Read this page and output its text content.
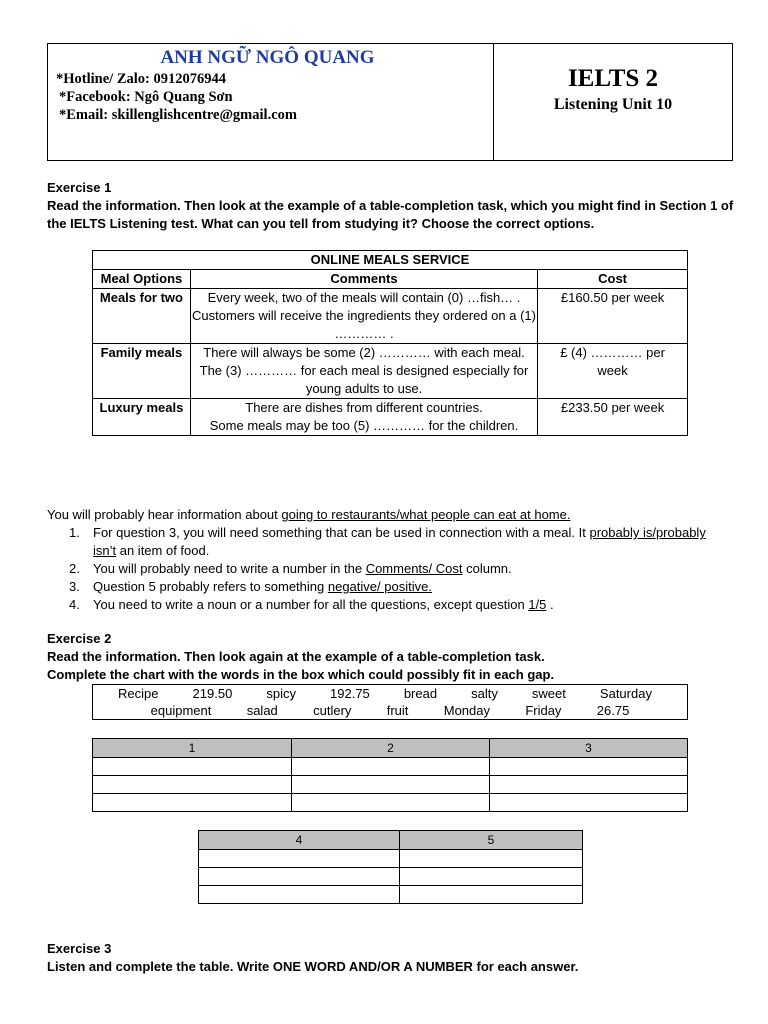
ANH NGỮ NGÔ QUANG
*Hotline/ Zalo: 0912076944
*Facebook: Ngô Quang Sơn
*Email: skillenglishcentre@gmail.com
IELTS 2
Listening Unit 10
Exercise 1
Read the information. Then look at the example of a table-completion task, which you might find in Section 1 of the IELTS Listening test. What can you tell from studying it? Choose the correct options.
ONLINE MEALS SERVICE		
Meal Options	Comments	Cost
Meals for two	Every week, two of the meals will contain (0) …fish… .
Customers will receive the ingredients they ordered on a (1) ………… .	£160.50 per week
Family meals	There will always be some (2) ………… with each meal.
The (3) ………… for each meal is designed especially for young adults to use.	£ (4) ………… per week
Luxury meals	There are dishes from different countries.
Some meals may be too (5) ………… for the children.	£233.50 per week
You will probably hear information about going to restaurants/what people can eat at home.
1.	For question 3, you will need something that can be used in connection with a meal. It probably is/probably isn’t an item of food.
2.	You will probably need to write a number in the Comments/ Cost column.
3.	Question 5 probably refers to something negative/ positive.
4.	You need to write a noun or a number for all the questions, except question 1/5 .
Exercise 2
Read the information. Then look again at the example of a table-completion task.
Complete the chart with the words in the box which could possibly fit in each gap.
Recipe	219.50	spicy	192.75	bread	salty	sweet	Saturday
equipment	salad	cutlery	fruit	Monday	Friday	26.75
1	2	3

4	5

Exercise 3
Listen and complete the table. Write ONE WORD AND/OR A NUMBER for each answer.
